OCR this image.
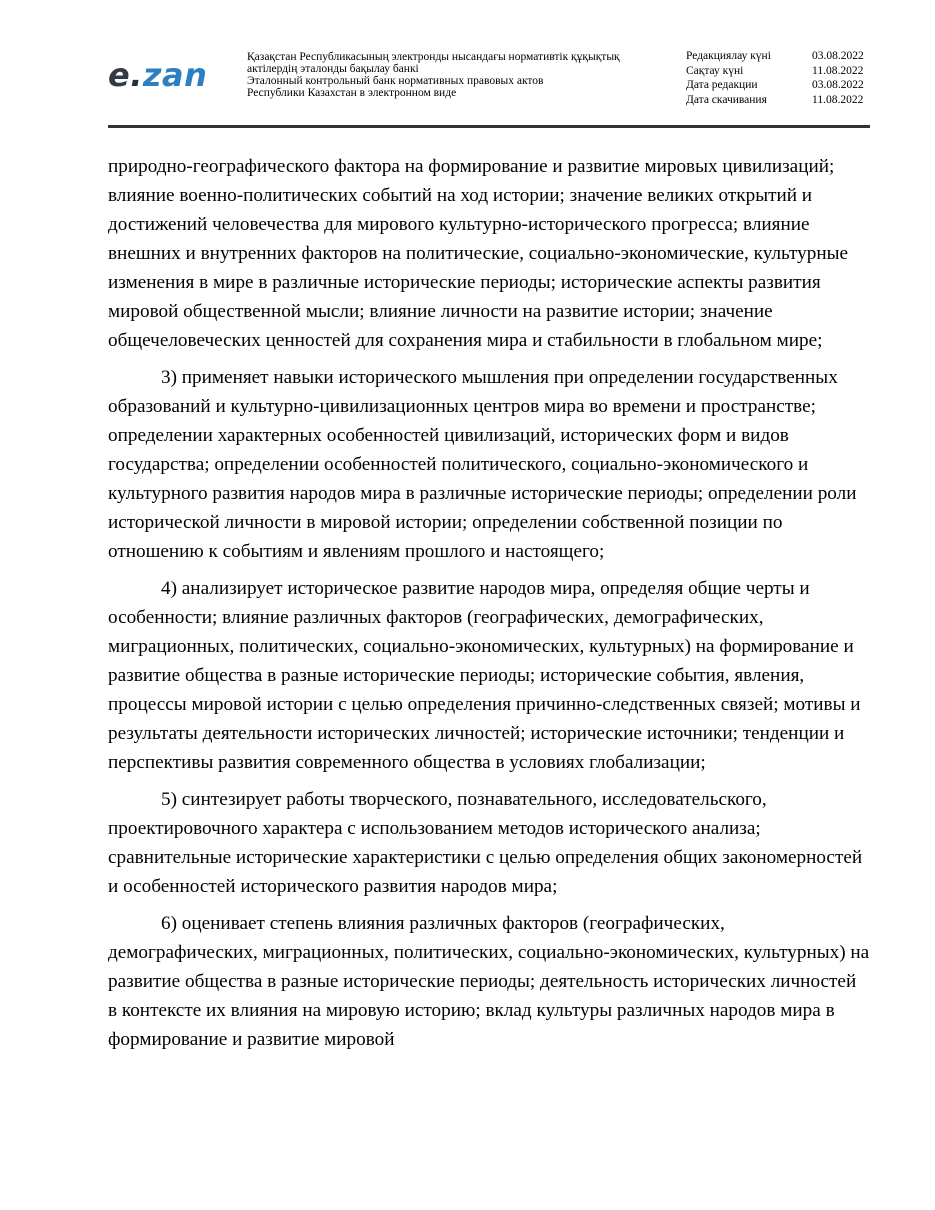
e.zan	Қазақстан Республикасының электронды нысандағы нормативтік құқықтық
актілердің эталонды бақылау банкі
Эталонный контрольный банк нормативных правовых актов
Республики Казахстан в электронном виде
Редакциялау күні	03.08.2022
Сақтау күні	11.08.2022
Дата редакции	03.08.2022
Дата скачивания	11.08.2022

природно-географического фактора на формирование и развитие мировых цивилизаций; влияние военно-политических событий на ход истории; значение великих открытий и достижений человечества для мирового культурно-исторического прогресса; влияние внешних и внутренних факторов на политические, социально-экономические, культурные изменения в мире в различные исторические периоды; исторические аспекты развития мировой общественной мысли; влияние личности на развитие истории; значение общечеловеческих ценностей для сохранения мира и стабильности в глобальном мире;

3) применяет навыки исторического мышления при определении государственных образований и культурно-цивилизационных центров мира во времени и пространстве; определении характерных особенностей цивилизаций, исторических форм и видов государства; определении особенностей политического, социально-экономического и культурного развития народов мира в различные исторические периоды; определении роли исторической личности в мировой истории; определении собственной позиции по отношению к событиям и явлениям прошлого и настоящего;

4) анализирует историческое развитие народов мира, определяя общие черты и особенности; влияние различных факторов (географических, демографических, миграционных, политических, социально-экономических, культурных) на формирование и развитие общества в разные исторические периоды; исторические события, явления, процессы мировой истории с целью определения причинно-следственных связей; мотивы и результаты деятельности исторических личностей; исторические источники; тенденции и перспективы развития современного общества в условиях глобализации;

5) синтезирует работы творческого, познавательного, исследовательского, проектировочного характера с использованием методов исторического анализа; сравнительные исторические характеристики с целью определения общих закономерностей и особенностей исторического развития народов мира;

6) оценивает степень влияния различных факторов (географических, демографических, миграционных, политических, социально-экономических, культурных) на развитие общества в разные исторические периоды; деятельность исторических личностей в контексте их влияния на мировую историю; вклад культуры различных народов мира в формирование и развитие мировой
